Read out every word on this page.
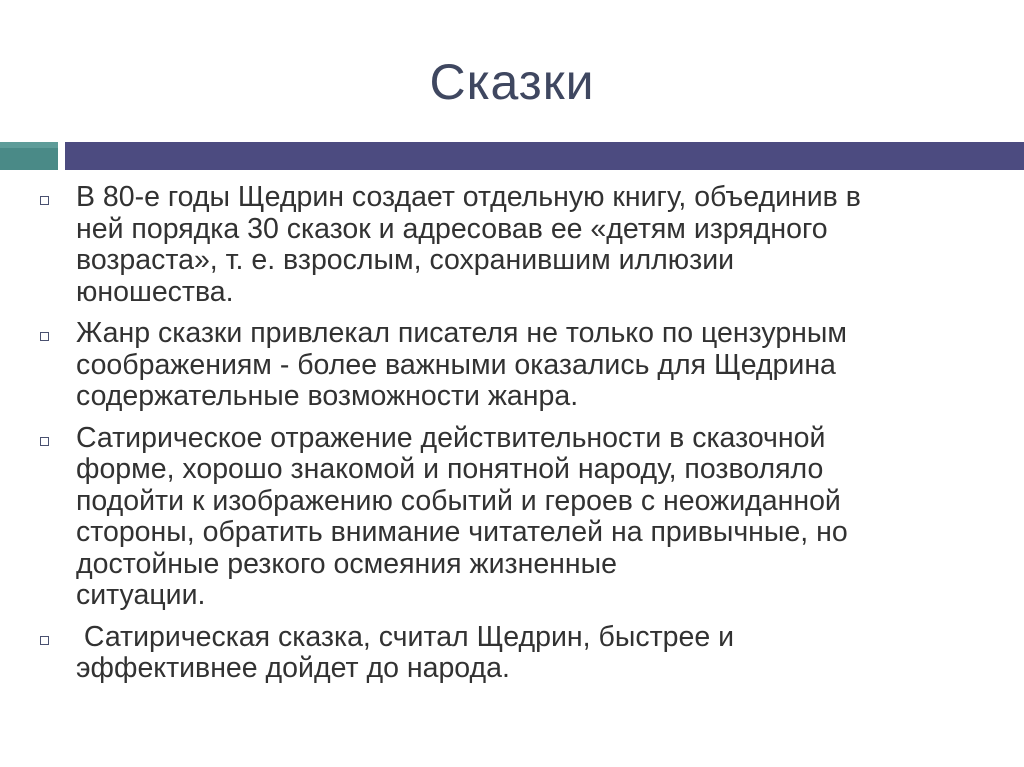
Сказки
В 80-е годы Щедрин создает отдельную книгу, объединив в
ней порядка 30 сказок и адресовав ее «детям изрядного
возраста», т. е. взрослым, сохранившим иллюзии
юношества.
Жанр сказки привлекал писателя не только по цензурным
соображениям - более важными оказались для Щедрина
содержательные возможности жанра.
Сатирическое отражение действительности в сказочной
форме, хорошо знакомой и понятной народу, позволяло
подойти к изображению событий и героев с неожиданной
стороны, обратить внимание читателей на привычные, но
достойные резкого осмеяния жизненные
ситуации.
Сатирическая сказка, считал Щедрин, быстрее и
эффективнее дойдет до народа.
